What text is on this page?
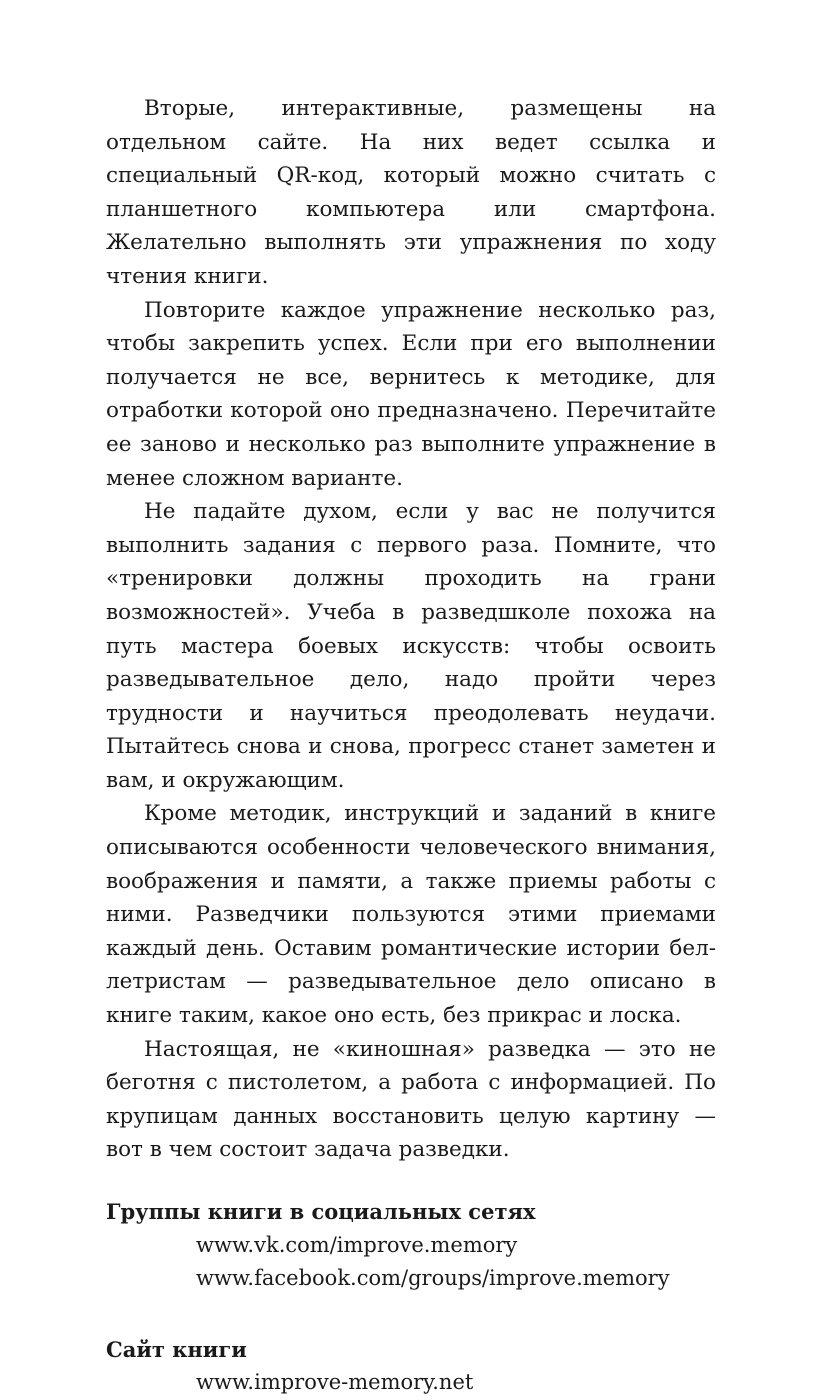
Вторые, интерактивные, размещены на отдельном сайте. На них ведет ссылка и специальный QR-код, который можно считать с планшетного компьютера или смартфона. Желательно выполнять эти упражнения по ходу чтения книги.

Повторите каждое упражнение несколько раз, чтобы закрепить успех. Если при его выполнении получается не все, вернитесь к методике, для отработки которой оно предназначено. Перечитайте ее заново и несколько раз выполните упражнение в менее сложном варианте.

Не падайте духом, если у вас не получится выполнить задания с первого раза. Помните, что «тренировки должны проходить на грани возможностей». Учеба в разведшколе похожа на путь мастера боевых искусств: чтобы освоить разведывательное дело, надо пройти через трудности и научиться преодолевать неудачи. Пытайтесь снова и снова, прогресс станет заметен и вам, и окружающим.

Кроме методик, инструкций и заданий в книге описываются особенности человеческого внимания, воображения и памяти, а также приемы работы с ними. Разведчики пользуются этими приемами каждый день. Оставим романтические истории беллетристам — разведывательное дело описано в книге таким, какое оно есть, без прикрас и лоска.

Настоящая, не «киношная» разведка — это не беготня с пистолетом, а работа с информацией. По крупицам данных восстановить целую картину — вот в чем состоит задача разведки.

Группы книги в социальных сетях

www.vk.com/improve.memory

www.facebook.com/groups/improve.memory

Сайт книги

www.improve-memory.net
